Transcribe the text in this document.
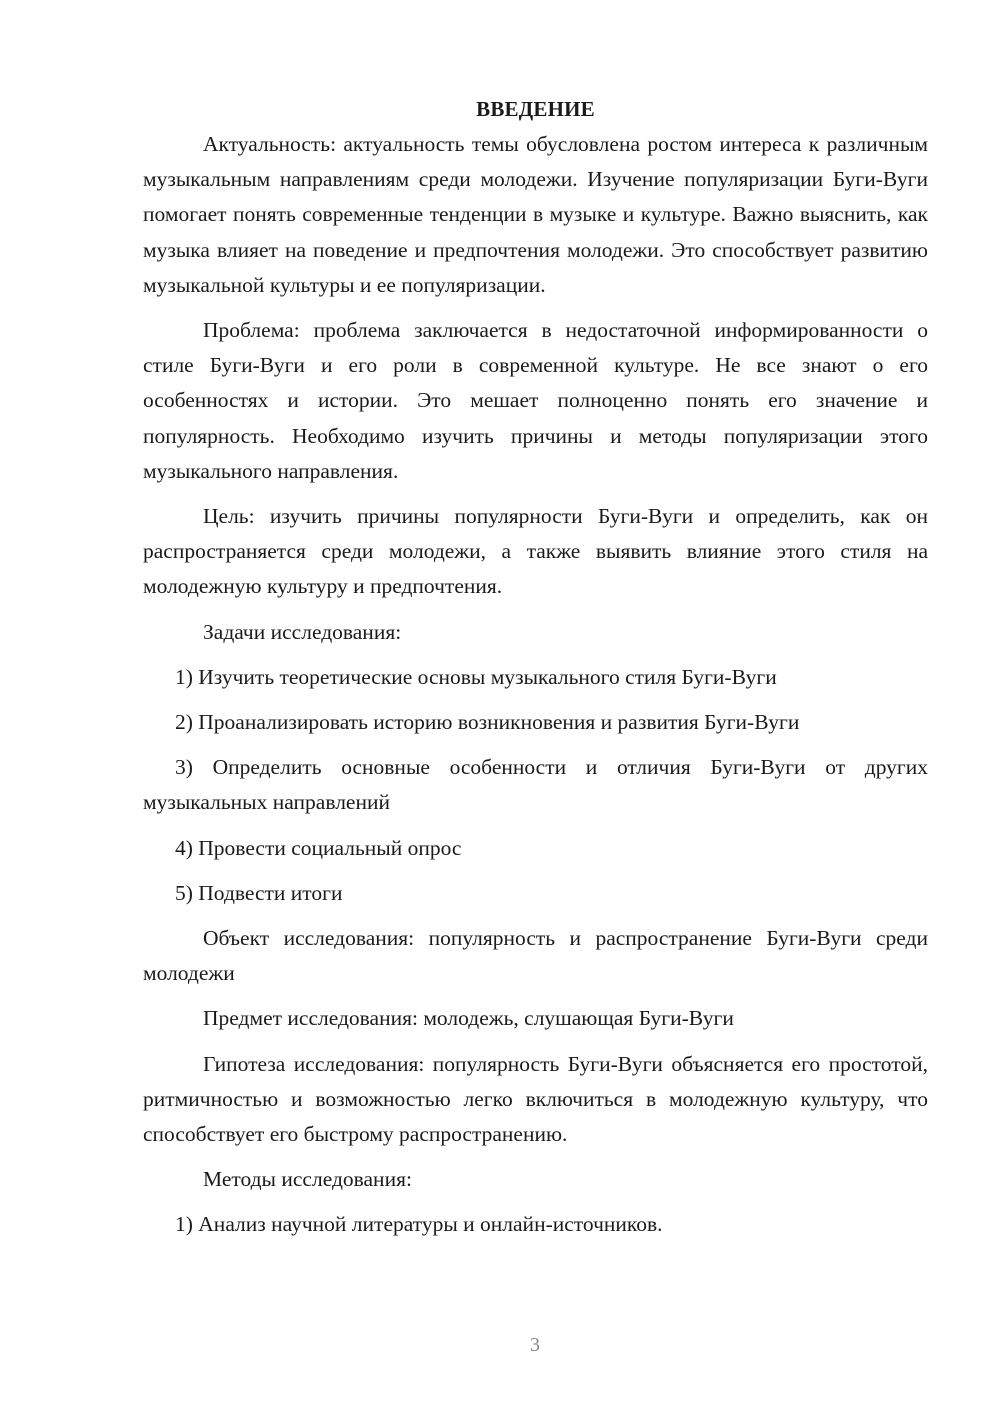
ВВЕДЕНИЕ

Актуальность: актуальность темы обусловлена ростом интереса к различным музыкальным направлениям среди молодежи. Изучение популяризации Буги-Вуги помогает понять современные тенденции в музыке и культуре. Важно выяснить, как музыка влияет на поведение и предпочтения молодежи. Это способствует развитию музыкальной культуры и ее популяризации.

Проблема: проблема заключается в недостаточной информированности о стиле Буги-Вуги и его роли в современной культуре. Не все знают о его особенностях и истории. Это мешает полноценно понять его значение и популярность. Необходимо изучить причины и методы популяризации этого музыкального направления.

Цель: изучить причины популярности Буги-Вуги и определить, как он распространяется среди молодежи, а также выявить влияние этого стиля на молодежную культуру и предпочтения.

Задачи исследования:

1) Изучить теоретические основы музыкального стиля Буги-Вуги

2) Проанализировать историю возникновения и развития Буги-Вуги

3) Определить основные особенности и отличия Буги-Вуги от других музыкальных направлений

4) Провести социальный опрос

5) Подвести итоги

Объект исследования: популярность и распространение Буги-Вуги среди молодежи

Предмет исследования: молодежь, слушающая Буги-Вуги

Гипотеза исследования: популярность Буги-Вуги объясняется его простотой, ритмичностью и возможностью легко включиться в молодежную культуру, что способствует его быстрому распространению.

Методы исследования:

1) Анализ научной литературы и онлайн-источников.

3
